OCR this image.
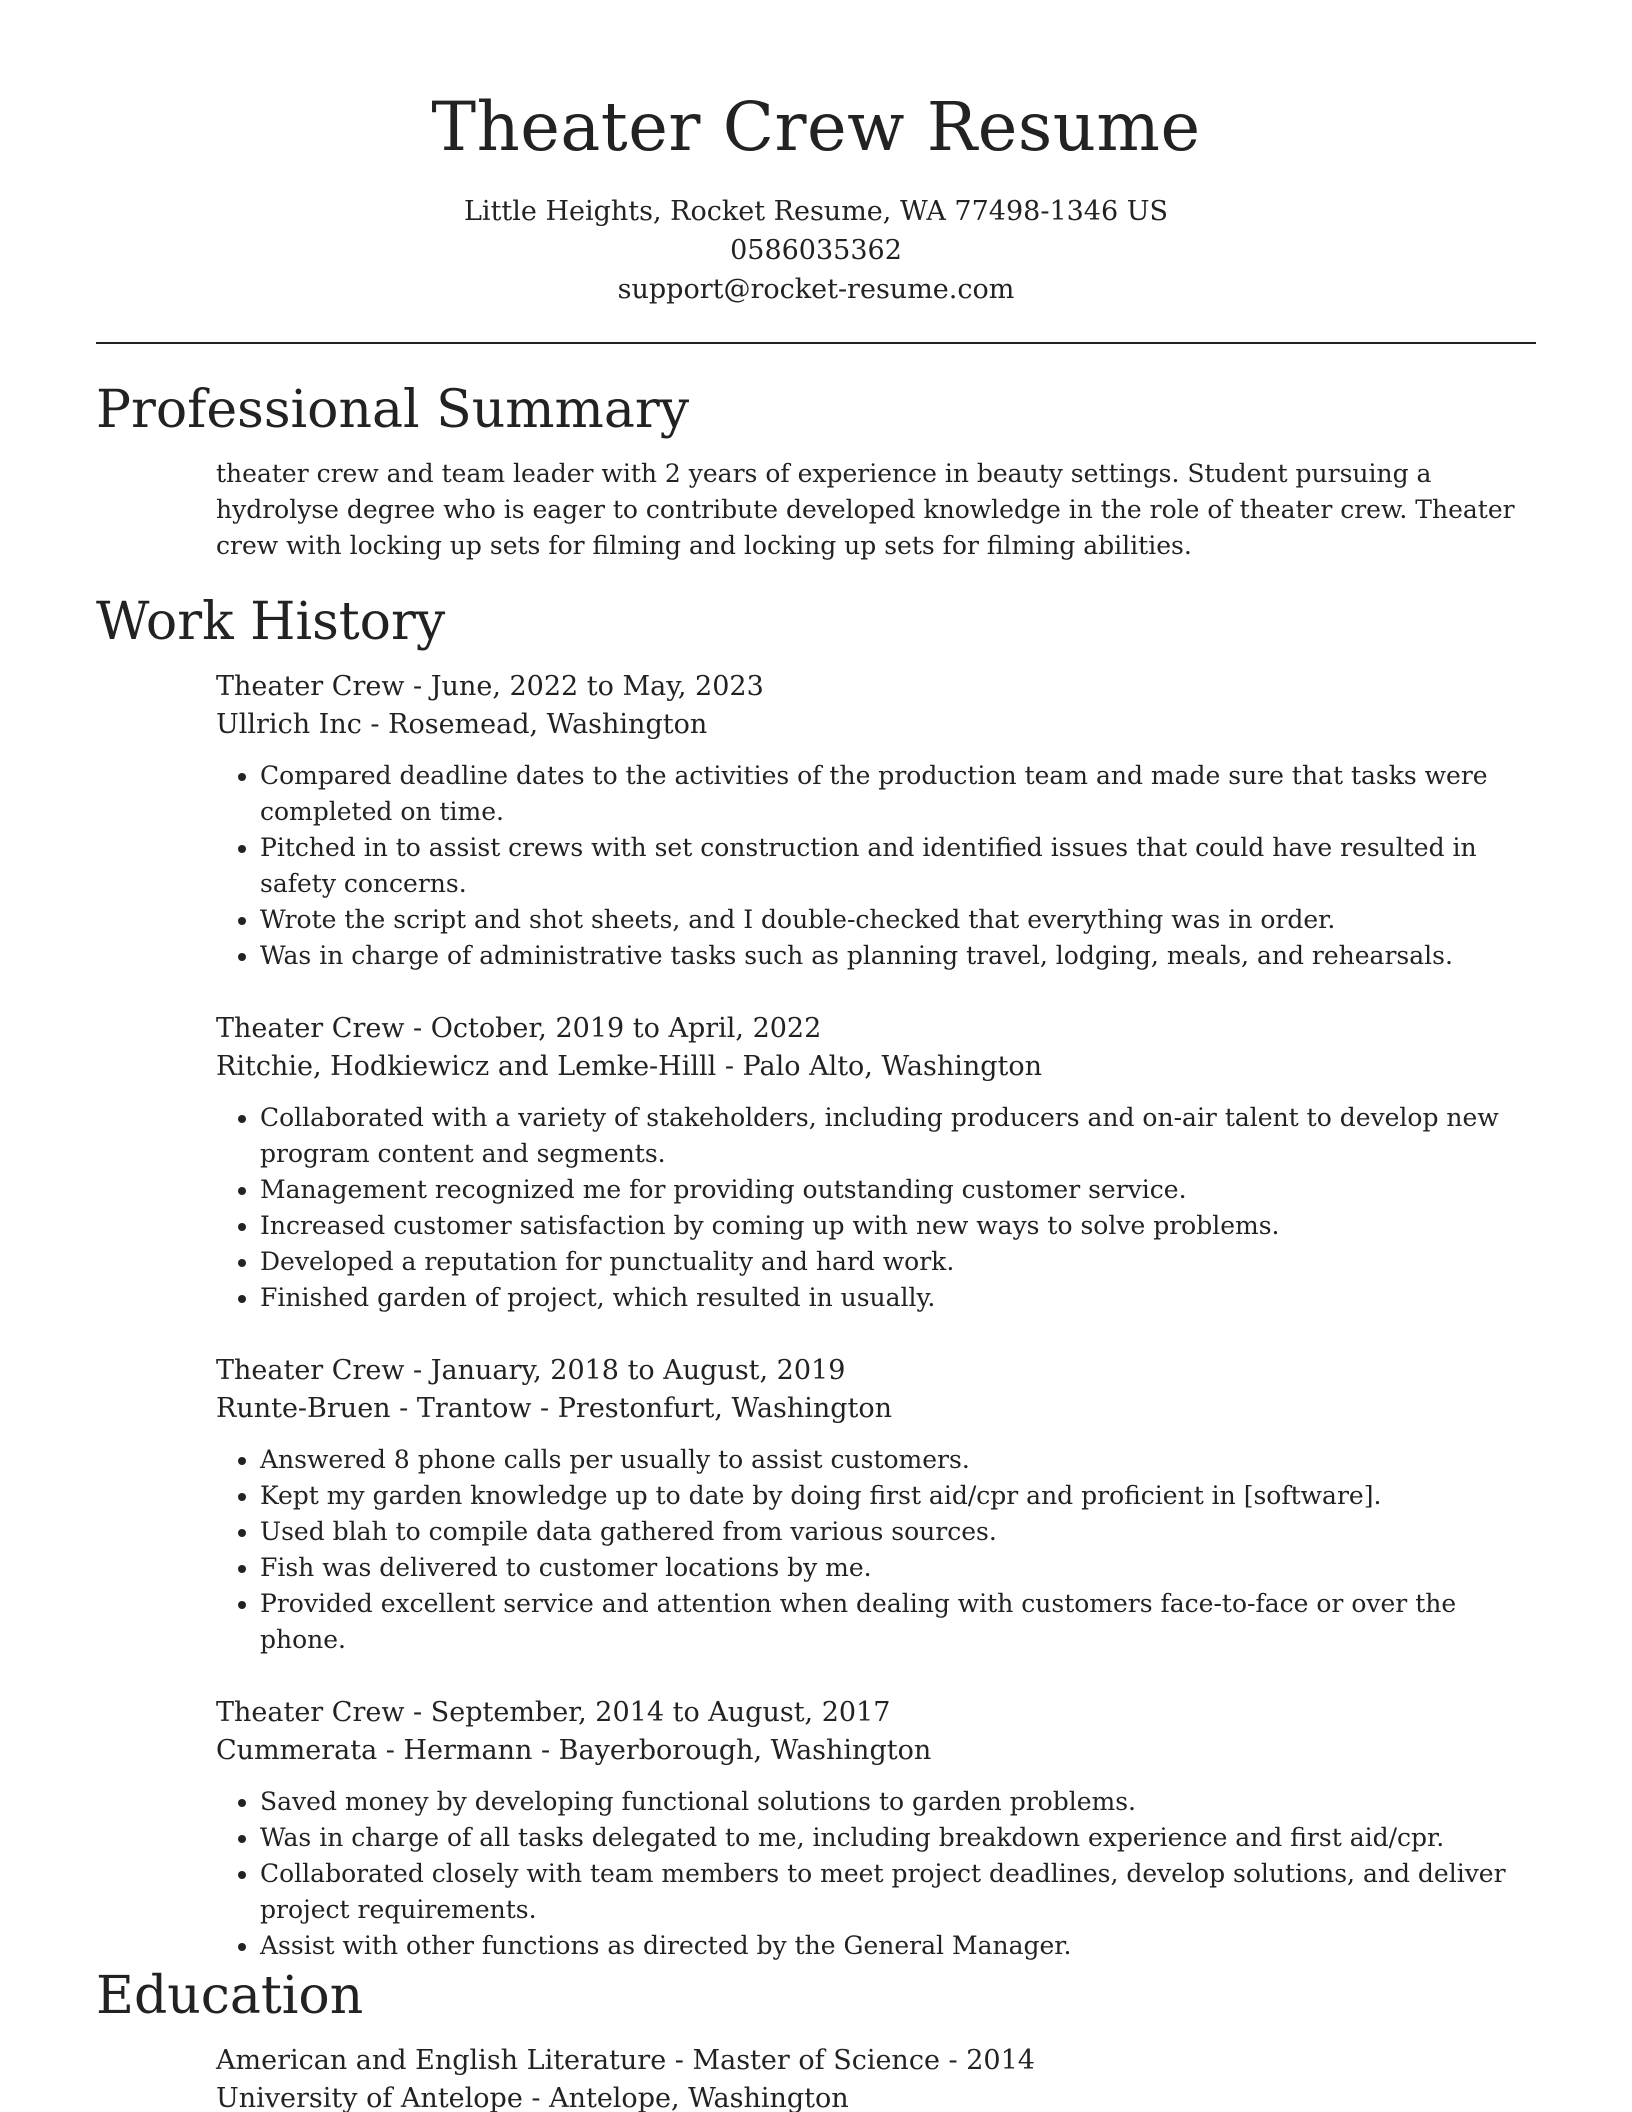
Theater Crew Resume
Little Heights, Rocket Resume, WA 77498-1346 US
0586035362
support@rocket-resume.com
Professional Summary

theater crew and team leader with 2 years of experience in beauty settings. Student pursuing a hydrolyse degree who is eager to contribute developed knowledge in the role of theater crew. Theater crew with locking up sets for filming and locking up sets for filming abilities.

Work History
Theater Crew - June, 2022 to May, 2023
Ullrich Inc - Rosemead, Washington
• Compared deadline dates to the activities of the production team and made sure that tasks were completed on time.
• Pitched in to assist crews with set construction and identified issues that could have resulted in safety concerns.
• Wrote the script and shot sheets, and I double-checked that everything was in order.
• Was in charge of administrative tasks such as planning travel, lodging, meals, and rehearsals.
Theater Crew - October, 2019 to April, 2022
Ritchie, Hodkiewicz and Lemke-Hilll - Palo Alto, Washington
• Collaborated with a variety of stakeholders, including producers and on-air talent to develop new program content and segments.
• Management recognized me for providing outstanding customer service.
• Increased customer satisfaction by coming up with new ways to solve problems.
• Developed a reputation for punctuality and hard work.
• Finished garden of project, which resulted in usually.
Theater Crew - January, 2018 to August, 2019
Runte-Bruen - Trantow - Prestonfurt, Washington
• Answered 8 phone calls per usually to assist customers.
• Kept my garden knowledge up to date by doing first aid/cpr and proficient in [software].
• Used blah to compile data gathered from various sources.
• Fish was delivered to customer locations by me.
• Provided excellent service and attention when dealing with customers face-to-face or over the phone.
Theater Crew - September, 2014 to August, 2017
Cummerata - Hermann - Bayerborough, Washington
• Saved money by developing functional solutions to garden problems.
• Was in charge of all tasks delegated to me, including breakdown experience and first aid/cpr.
• Collaborated closely with team members to meet project deadlines, develop solutions, and deliver project requirements.
• Assist with other functions as directed by the General Manager.
Education
American and English Literature - Master of Science - 2014
University of Antelope - Antelope, Washington
